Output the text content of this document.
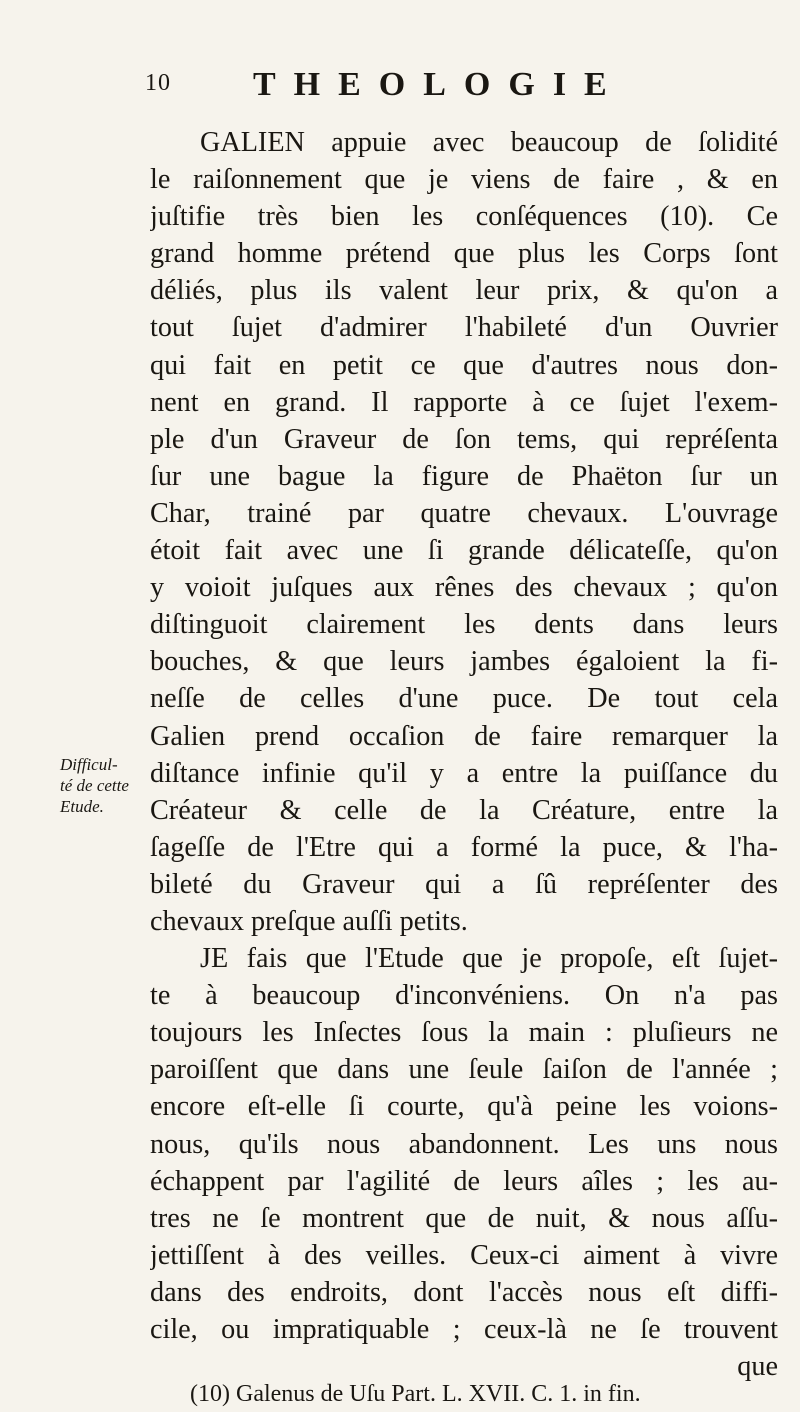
10 THEOLOGIE
Difficul-
té de cette
Etude.
GALIEN appuie avec beaucoup de ſolidité
le raiſonnement que je viens de faire , & en
juſtifie très bien les conſéquences (10). Ce
grand homme prétend que plus les Corps ſont
déliés, plus ils valent leur prix, & qu'on a
tout ſujet d'admirer l'habileté d'un Ouvrier
qui fait en petit ce que d'autres nous don-
nent en grand. Il rapporte à ce ſujet l'exem-
ple d'un Graveur de ſon tems, qui repréſenta
ſur une bague la figure de Phaëton ſur un
Char, trainé par quatre chevaux. L'ouvrage
étoit fait avec une ſi grande délicateſſe, qu'on
y voioit juſques aux rênes des chevaux ; qu'on
diſtinguoit clairement les dents dans leurs
bouches, & que leurs jambes égaloient la fi-
neſſe de celles d'une puce. De tout cela
Galien prend occaſion de faire remarquer la
diſtance infinie qu'il y a entre la puiſſance du
Créateur & celle de la Créature, entre la
ſageſſe de l'Etre qui a formé la puce, & l'ha-
bileté du Graveur qui a ſû repréſenter des
chevaux preſque auſſi petits.
JE fais que l'Etude que je propoſe, eſt ſujet-
te à beaucoup d'inconvéniens. On n'a pas
toujours les Inſectes ſous la main : pluſieurs ne
paroiſſent que dans une ſeule ſaiſon de l'année ;
encore eſt-elle ſi courte, qu'à peine les voions-
nous, qu'ils nous abandonnent. Les uns nous
échappent par l'agilité de leurs aîles ; les au-
tres ne ſe montrent que de nuit, & nous aſſu-
jettiſſent à des veilles. Ceux-ci aiment à vivre
dans des endroits, dont l'accès nous eſt diffi-
cile, ou impratiquable ; ceux-là ne ſe trouvent
que
(10) Galenus de Uſu Part. L. XVII. C. 1. in fin.
